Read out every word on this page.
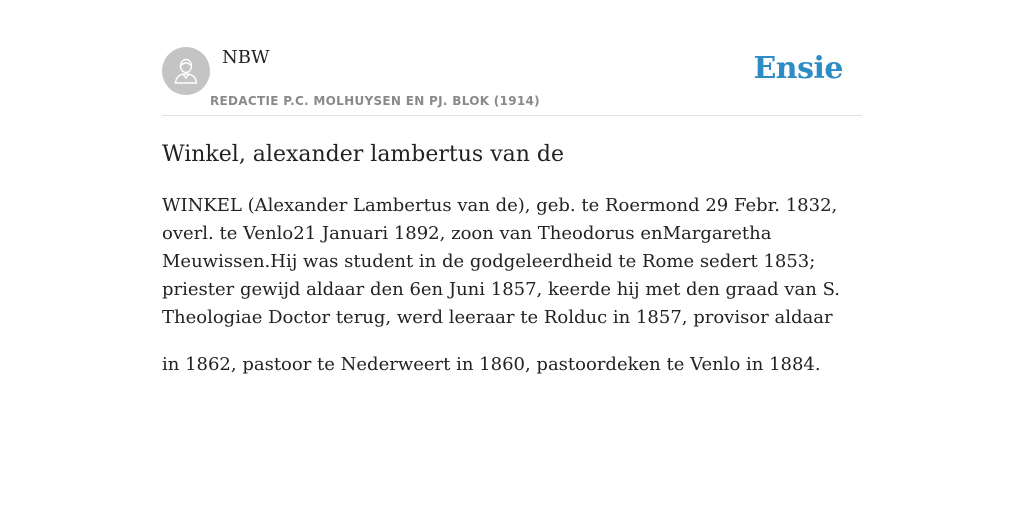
NBW
REDACTIE P.C. MOLHUYSEN EN PJ. BLOK (1914)
Ensie
Winkel, alexander lambertus van de

WINKEL (Alexander Lambertus van de), geb. te Roermond 29 Febr. 1832, overl. te Venlo21 Januari 1892, zoon van Theodorus enMargaretha Meuwissen.Hij was student in de godgeleerdheid te Rome sedert 1853; priester gewijd aldaar den 6en Juni 1857, keerde hij met den graad van S. Theologiae Doctor terug, werd leeraar te Rolduc in 1857, provisor aldaar

in 1862, pastoor te Nederweert in 1860, pastoordeken te Venlo in 1884.
